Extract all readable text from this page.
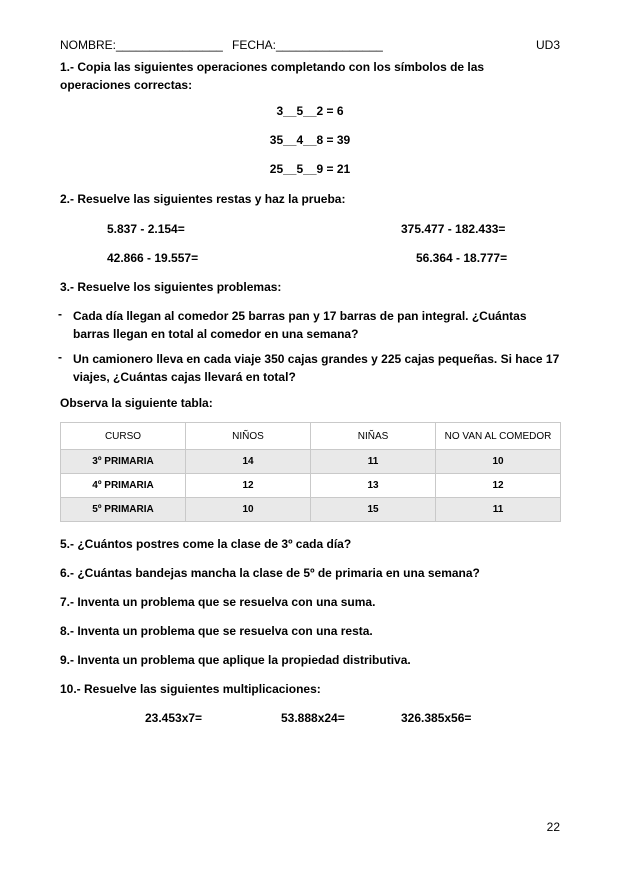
NOMBRE:________________ FECHA:________________	UD3
1.- Copia las siguientes operaciones completando con los símbolos de las
operaciones correctas:
3__5__2 = 6
35__4__8 = 39
25__5__9 = 21
2.- Resuelve las siguientes restas y haz la prueba:
5.837 - 2.154=	375.477 - 182.433=
42.866 - 19.557=	56.364 - 18.777=
3.- Resuelve los siguientes problemas:
- Cada día llegan al comedor 25 barras pan y 17 barras de pan integral. ¿Cuántas barras llegan en total al comedor en una semana?
- Un camionero lleva en cada viaje 350 cajas grandes y 225 cajas pequeñas. Si hace 17 viajes, ¿Cuántas cajas llevará en total?
Observa la siguiente tabla:
CURSO	NIÑOS	NIÑAS	NO VAN AL COMEDOR
3º PRIMARIA	14	11	10
4º PRIMARIA	12	13	12
5º PRIMARIA	10	15	11
5.- ¿Cuántos postres come la clase de 3º cada día?
6.- ¿Cuántas bandejas mancha la clase de 5º de primaria en una semana?
7.- Inventa un problema que se resuelva con una suma.
8.- Inventa un problema que se resuelva con una resta.
9.- Inventa un problema que aplique la propiedad distributiva.
10.- Resuelve las siguientes multiplicaciones:
23.453x7=	53.888x24=	326.385x56=
22
